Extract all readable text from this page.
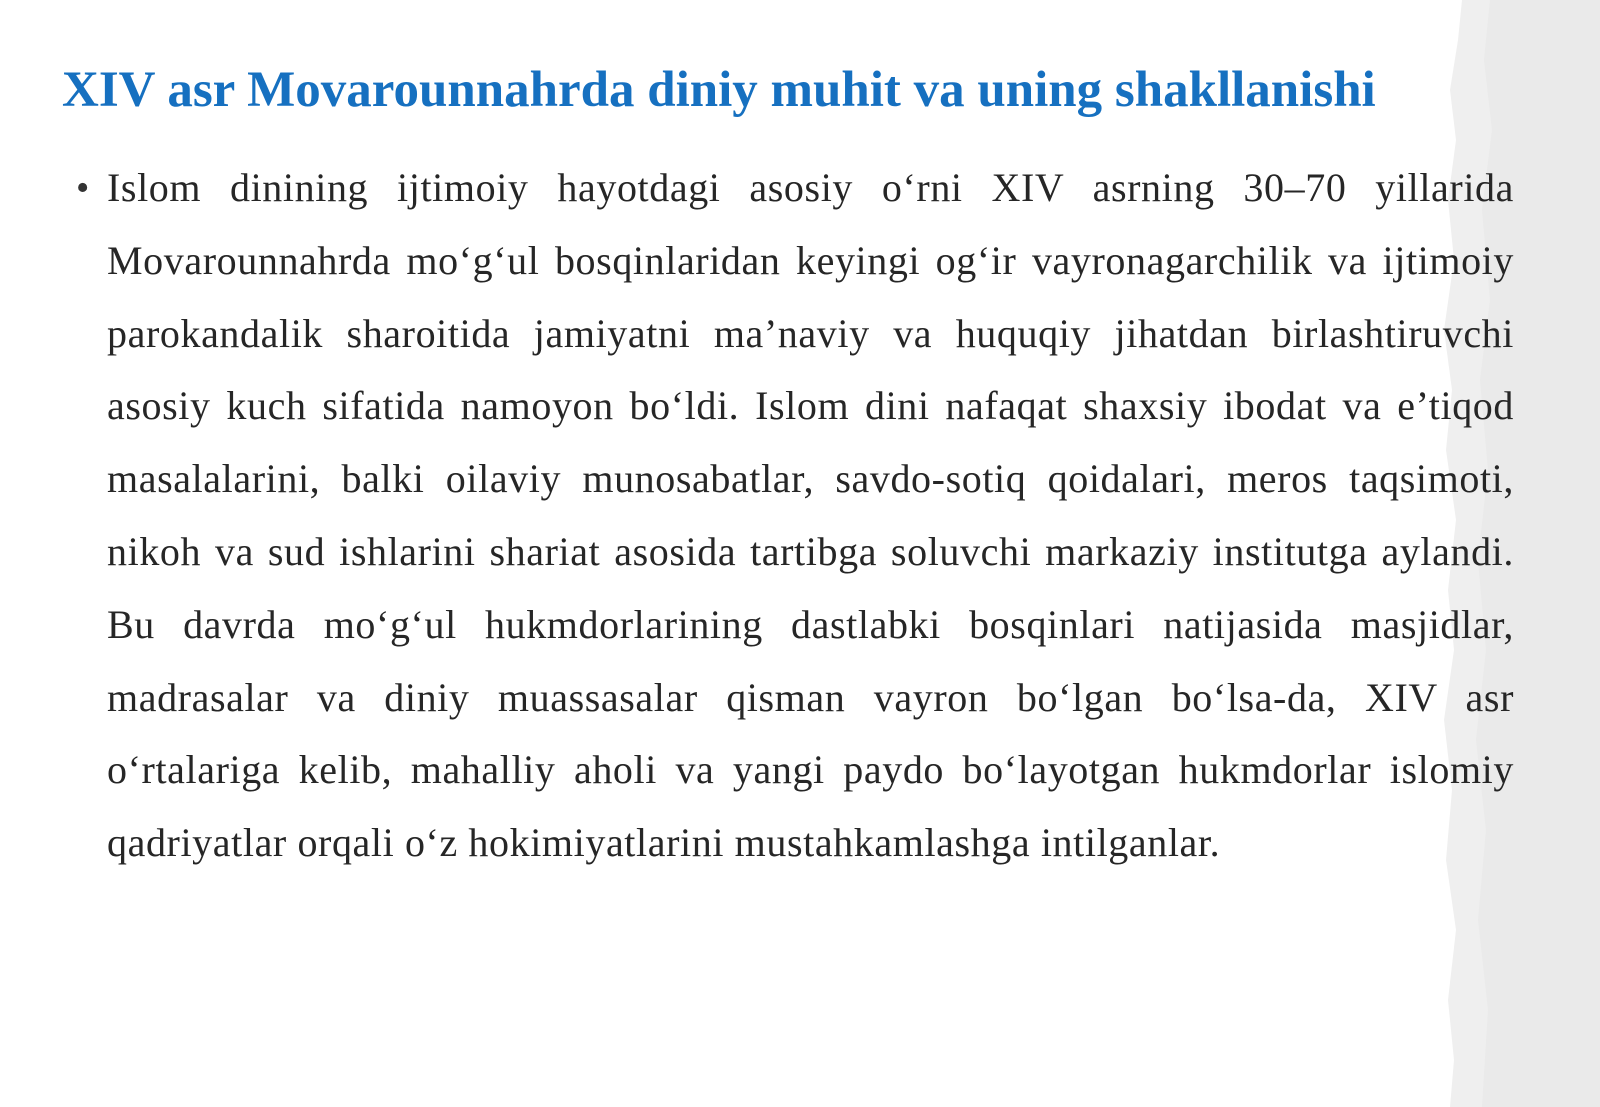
XIV asr Movarounnahrda diniy muhit va uning shakllanishi
• Islom dinining ijtimoiy hayotdagi asosiy o‘rni XIV asrning 30–70 yillarida Movarounnahrda mo‘g‘ul bosqinlaridan keyingi og‘ir vayronagarchilik va ijtimoiy parokandalik sharoitida jamiyatni ma’naviy va huquqiy jihatdan birlashtiruvchi asosiy kuch sifatida namoyon bo‘ldi. Islom dini nafaqat shaxsiy ibodat va e’tiqod masalalarini, balki oilaviy munosabatlar, savdo-sotiq qoidalari, meros taqsimoti, nikoh va sud ishlarini shariat asosida tartibga soluvchi markaziy institutga aylandi. Bu davrda mo‘g‘ul hukmdorlarining dastlabki bosqinlari natijasida masjidlar, madrasalar va diniy muassasalar qisman vayron bo‘lgan bo‘lsa-da, XIV asr o‘rtalariga kelib, mahalliy aholi va yangi paydo bo‘layotgan hukmdorlar islomiy qadriyatlar orqali o‘z hokimiyatlarini mustahkamlashga intilganlar.
